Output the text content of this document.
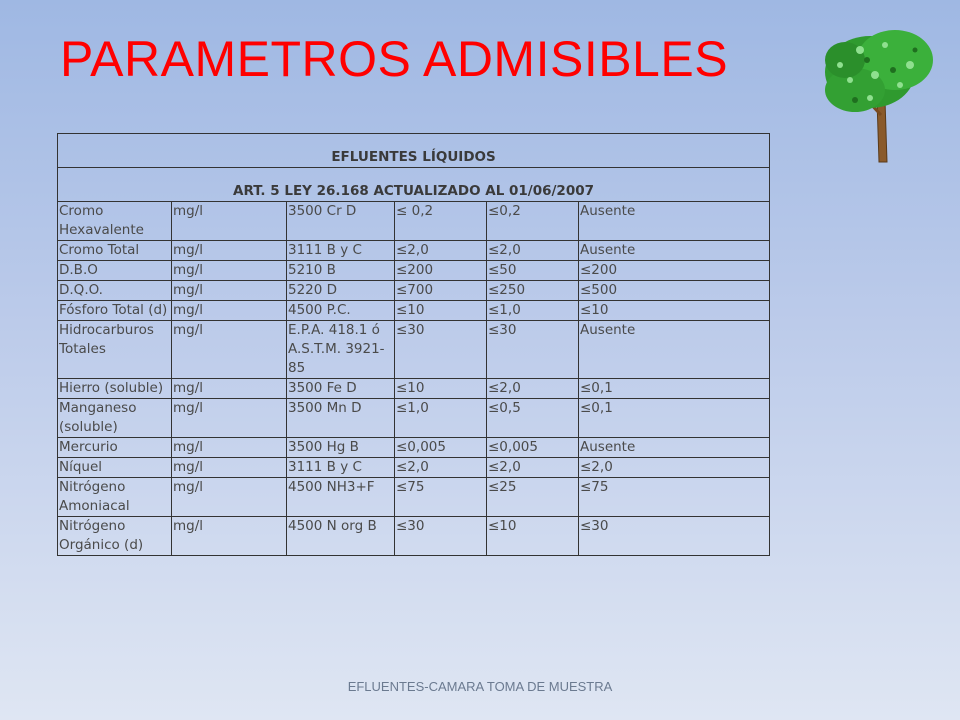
PARAMETROS ADMISIBLES
EFLUENTES LÍQUIDOS					
ART. 5 LEY 26.168 ACTUALIZADO AL 01/06/2007					
Cromo Hexavalente	mg/l	3500 Cr D	≤ 0,2	≤0,2	Ausente
Cromo Total	mg/l	3111 B y C	≤2,0	≤2,0	Ausente
D.B.O	mg/l	5210 B	≤200	≤50	≤200
D.Q.O.	mg/l	5220 D	≤700	≤250	≤500
Fósforo Total (d)	mg/l	4500 P.C.	≤10	≤1,0	≤10
Hidrocarburos Totales	mg/l	E.P.A. 418.1 ó A.S.T.M. 3921-85	≤30	≤30	Ausente
Hierro (soluble)	mg/l	3500 Fe D	≤10	≤2,0	≤0,1
Manganeso (soluble)	mg/l	3500 Mn D	≤1,0	≤0,5	≤0,1
Mercurio	mg/l	3500 Hg B	≤0,005	≤0,005	Ausente
Níquel	mg/l	3111 B y C	≤2,0	≤2,0	≤2,0
Nitrógeno Amoniacal	mg/l	4500 NH3+F	≤75	≤25	≤75
Nitrógeno Orgánico (d)	mg/l	4500 N org B	≤30	≤10	≤30
EFLUENTES-CAMARA TOMA DE MUESTRA
